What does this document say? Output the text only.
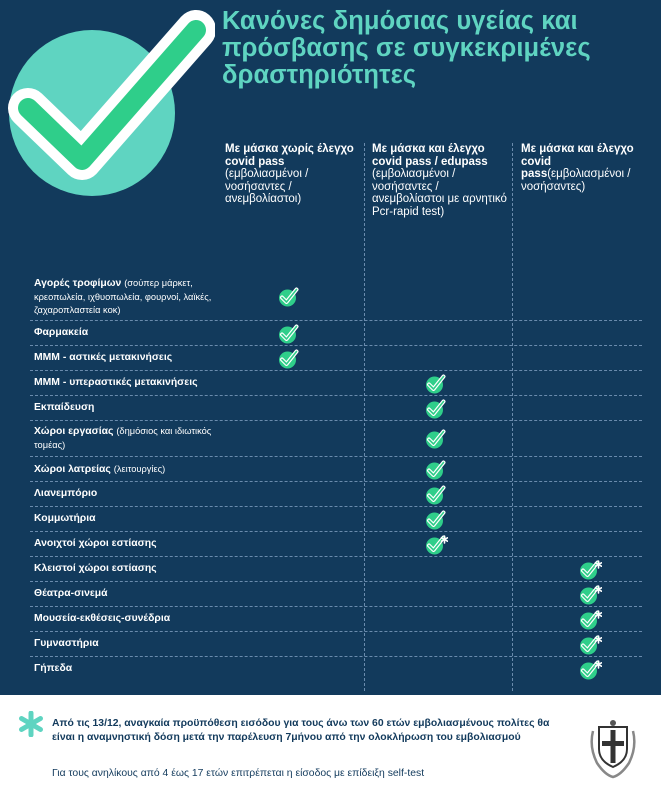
Κανόνες δημόσιας υγείας και πρόσβασης σε συγκεκριμένες δραστηριότητες
Με μάσκα χωρίς έλεγχο covid pass
(εμβολιασμένοι / νοσήσαντες / ανεμβολίαστοι)
Με μάσκα και έλεγχο covid pass / edupass
(εμβολιασμένοι / νοσήσαντες / ανεμβολίαστοι με αρνητικό Pcr-rapid test)
Με μάσκα και έλεγχο covid
pass(εμβολιασμένοι /νοσήσαντες)
Αγορές τροφίμων (σούπερ μάρκετ, κρεοπωλεία, ιχθυοπωλεία, φουρνοί, λαϊκές, ζαχαροπλαστεία κοκ)
Φαρμακεία
ΜΜΜ - αστικές μετακινήσεις
ΜΜΜ - υπεραστικές μετακινήσεις
Εκπαίδευση
Χώροι εργασίας (δημόσιος και ιδιωτικός τομέας)
Χώροι λατρείας (λειτουργίες)
Λιανεμπόριο
Κομμωτήρια
Ανοιχτοί χώροι εστίασης
Κλειστοί χώροι εστίασης
Θέατρα-σινεμά
Μουσεία-εκθέσεις-συνέδρια
Γυμναστήρια
Γήπεδα
Από τις 13/12, αναγκαία προϋπόθεση εισόδου για τους άνω των 60 ετών εμβολιασμένους πολίτες θα είναι η αναμνηστική δόση μετά την παρέλευση 7μήνου από την ολοκλήρωση του εμβολιασμού
Για τους ανηλίκους από 4 έως 17 ετών επιτρέπεται η είσοδος με επίδειξη self-test
